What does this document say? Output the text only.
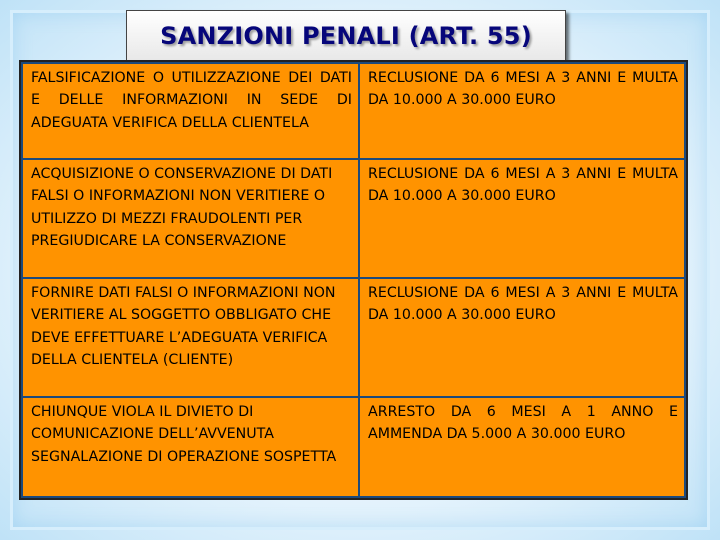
SANZIONI PENALI (ART. 55)
FALSIFICAZIONE O UTILIZZAZIONE DEI DATI E DELLE INFORMAZIONI IN SEDE DI ADEGUATA VERIFICA DELLA CLIENTELA
RECLUSIONE DA 6 MESI A 3 ANNI E MULTA DA 10.000 A 30.000 EURO
ACQUISIZIONE O CONSERVAZIONE DI DATI FALSI O INFORMAZIONI NON VERITIERE O UTILIZZO DI MEZZI FRAUDOLENTI PER PREGIUDICARE LA CONSERVAZIONE
RECLUSIONE DA 6 MESI A 3 ANNI E MULTA DA 10.000 A 30.000 EURO
FORNIRE DATI FALSI O INFORMAZIONI NON VERITIERE AL SOGGETTO OBBLIGATO CHE DEVE EFFETTUARE L’ADEGUATA VERIFICA DELLA CLIENTELA (CLIENTE)
RECLUSIONE DA 6 MESI A 3 ANNI E MULTA DA 10.000 A 30.000 EURO
CHIUNQUE VIOLA IL DIVIETO DI COMUNICAZIONE DELL’AVVENUTA SEGNALAZIONE DI OPERAZIONE SOSPETTA
ARRESTO DA 6 MESI A 1 ANNO E AMMENDA DA 5.000 A 30.000 EURO
